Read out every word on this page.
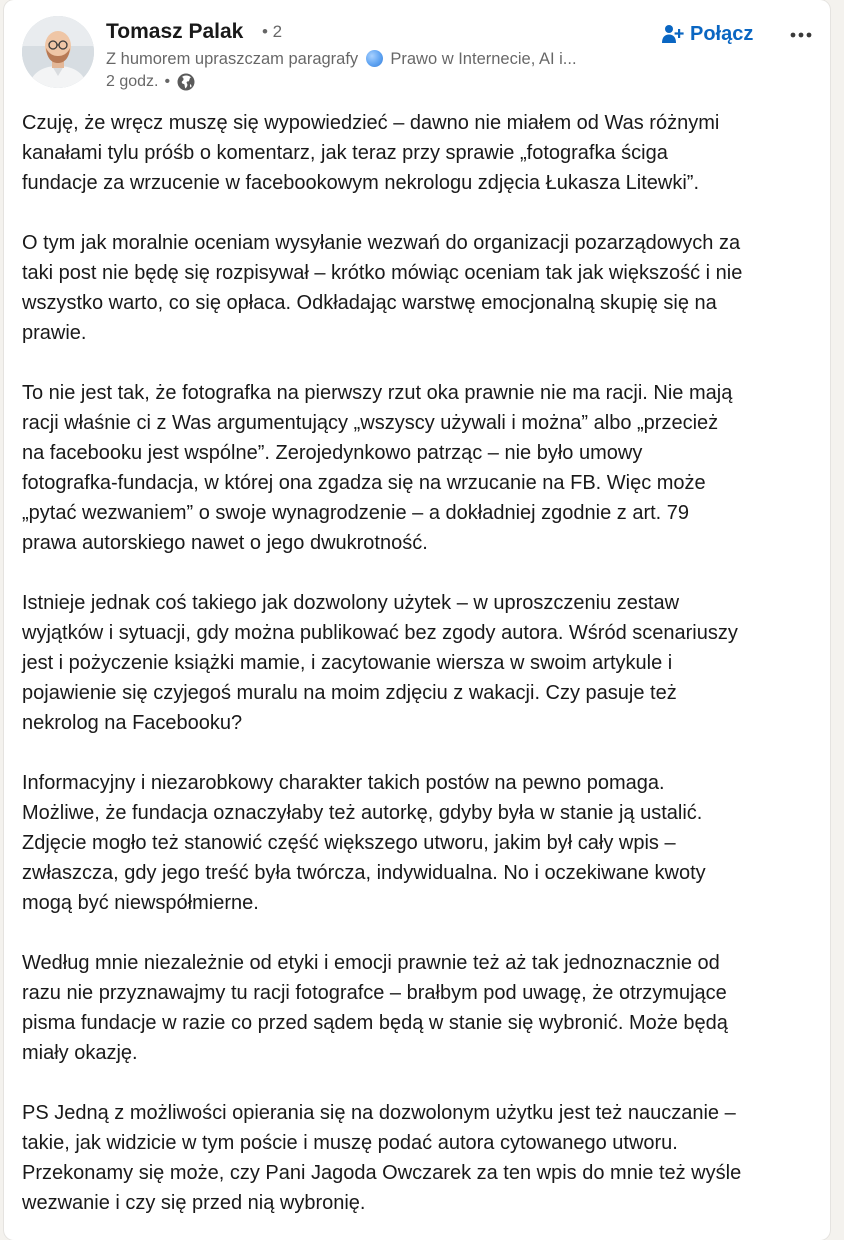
Tomasz Palak • 2
Z humorem upraszczam paragrafy Prawo w Internecie, AI i...
2 godz. •
Połącz

Czuję, że wręcz muszę się wypowiedzieć – dawno nie miałem od Was różnymi
kanałami tylu próśb o komentarz, jak teraz przy sprawie „fotografka ściga
fundacje za wrzucenie w facebookowym nekrologu zdjęcia Łukasza Litewki”.

O tym jak moralnie oceniam wysyłanie wezwań do organizacji pozarządowych za
taki post nie będę się rozpisywał – krótko mówiąc oceniam tak jak większość i nie
wszystko warto, co się opłaca. Odkładając warstwę emocjonalną skupię się na
prawie.

To nie jest tak, że fotografka na pierwszy rzut oka prawnie nie ma racji. Nie mają
racji właśnie ci z Was argumentujący „wszyscy używali i można” albo „przecież
na facebooku jest wspólne”. Zerojedynkowo patrząc – nie było umowy
fotografka-fundacja, w której ona zgadza się na wrzucanie na FB. Więc może
„pytać wezwaniem” o swoje wynagrodzenie – a dokładniej zgodnie z art. 79
prawa autorskiego nawet o jego dwukrotność.

Istnieje jednak coś takiego jak dozwolony użytek – w uproszczeniu zestaw
wyjątków i sytuacji, gdy można publikować bez zgody autora. Wśród scenariuszy
jest i pożyczenie książki mamie, i zacytowanie wiersza w swoim artykule i
pojawienie się czyjegoś muralu na moim zdjęciu z wakacji. Czy pasuje też
nekrolog na Facebooku?

Informacyjny i niezarobkowy charakter takich postów na pewno pomaga.
Możliwe, że fundacja oznaczyłaby też autorkę, gdyby była w stanie ją ustalić.
Zdjęcie mogło też stanowić część większego utworu, jakim był cały wpis –
zwłaszcza, gdy jego treść była twórcza, indywidualna. No i oczekiwane kwoty
mogą być niewspółmierne.

Według mnie niezależnie od etyki i emocji prawnie też aż tak jednoznacznie od
razu nie przyznawajmy tu racji fotografce – brałbym pod uwagę, że otrzymujące
pisma fundacje w razie co przed sądem będą w stanie się wybronić. Może będą
miały okazję.

PS Jedną z możliwości opierania się na dozwolonym użytku jest też nauczanie –
takie, jak widzicie w tym poście i muszę podać autora cytowanego utworu.
Przekonamy się może, czy Pani Jagoda Owczarek za ten wpis do mnie też wyśle
wezwanie i czy się przed nią wybronię.
